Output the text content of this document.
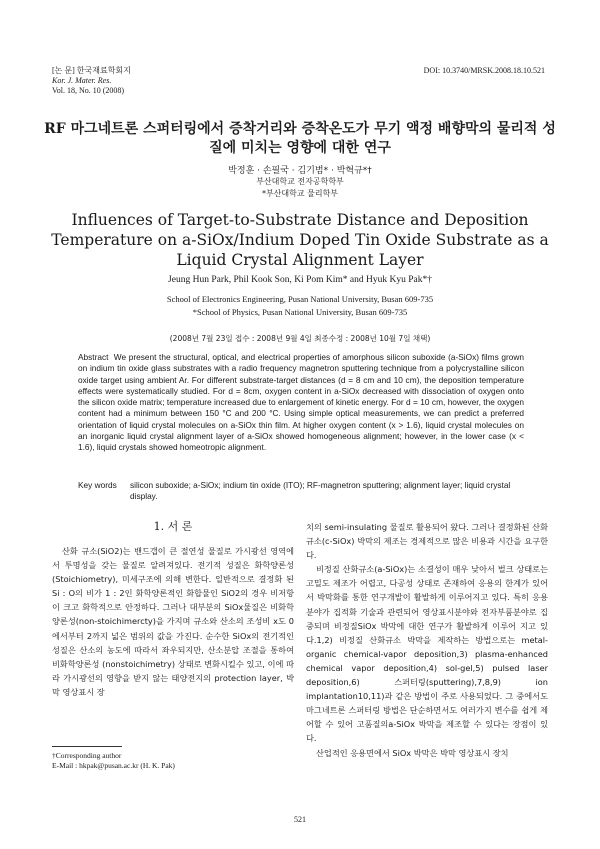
[논 문] 한국재료학회지
Kor. J. Mater. Res.
Vol. 18, No. 10 (2008)
DOI: 10.3740/MRSK.2008.18.10.521
RF 마그네트론 스퍼터링에서 증착거리와 증착온도가 무기 액정 배향막의 물리적 성질에 미치는 영향에 대한 연구
박정훈 · 손필국 · 김기범* · 박혁규*†
부산대학교 전자공학학부
*부산대학교 물리학부
Influences of Target-to-Substrate Distance and Deposition Temperature on a-SiOx/Indium Doped Tin Oxide Substrate as a Liquid Crystal Alignment Layer
Jeung Hun Park, Phil Kook Son, Ki Pom Kim* and Hyuk Kyu Pak*†
School of Electronics Engineering, Pusan National University, Busan 609-735
*School of Physics, Pusan National University, Busan 609-735
(2008년 7월 23일 접수 : 2008년 9월 4일 최종수정 : 2008년 10월 7일 채택)
Abstract We present the structural, optical, and electrical properties of amorphous silicon suboxide (a-SiOx) films grown on indium tin oxide glass substrates with a radio frequency magnetron sputtering technique from a polycrystalline silicon oxide target using ambient Ar. For different substrate-target distances (d = 8 cm and 10 cm), the deposition temperature effects were systematically studied. For d = 8cm, oxygen content in a-SiOx decreased with dissociation of oxygen onto the silicon oxide matrix; temperature increased due to enlargement of kinetic energy. For d = 10 cm, however, the oxygen content had a minimum between 150 °C and 200 °C. Using simple optical measurements, we can predict a preferred orientation of liquid crystal molecules on a-SiOx thin film. At higher oxygen content (x > 1.6), liquid crystal molecules on an inorganic liquid crystal alignment layer of a-SiOx showed homogeneous alignment; however, in the lower case (x < 1.6), liquid crystals showed homeotropic alignment.
Key words	silicon suboxide; a-SiOx; indium tin oxide (ITO); RF-magnetron sputtering; alignment layer; liquid crystal display.
1. 서 론

산화 규소(SiO2)는 밴드갭이 큰 절연성 물질로 가시광선 영역에서 투명성을 갖는 물질로 알려져있다. 전기적 성질은 화학양론성(Stoichiometry), 미세구조에 의해 변한다. 일반적으로 결정화 된 Si : O의 비가 1 : 2인 화학양론적인 화합물인 SiO2의 경우 비저항이 크고 화학적으로 안정하다. 그러나 대부분의 SiOx물질은 비화학양론성(non-stoichimercty)을 가지며 규소와 산소의 조성비 x도 0에서부터 2까지 넓은 범위의 값을 가진다. 순수한 SiOx의 전기적인 성질은 산소의 농도에 따라서 좌우되지만, 산소분압 조절을 통하여 비화학양론성 (nonstoichimetry) 상태로 변화시킬수 있고, 이에 따라 가시광선의 영향을 받지 않는 태양전지의 protection layer, 박막 영상표시 장

치의 semi-insulating 물질로 활용되어 왔다. 그러나 결정화된 산화 규소(c-SiOx) 박막의 제조는 경제적으로 많은 비용과 시간을 요구한다.

비정질 산화규소(a-SiOx)는 소결성이 매우 낮아서 벌크 상태로는 고밀도 제조가 어렵고, 다공성 상태로 존재하여 응용의 한계가 있어서 박막화를 통한 연구개발이 활발하게 이루어지고 있다. 특히 응용분야가 집적화 기술과 관련되어 영상표시분야와 전자부품분야로 집중되며 비정질SiOx 박막에 대한 연구가 활발하게 이루어 지고 있다.1,2) 비정질 산화규소 박막을 제작하는 방법으로는 metal-organic chemical-vapor deposition,3) plasma-enhanced chemical vapor deposition,4) sol-gel,5) pulsed laser deposition,6) 스퍼터링(sputtering),7,8,9) ion implantation10,11)과 같은 방법이 주로 사용되었다. 그 중에서도 마그네트론 스퍼터링 방법은 단순하면서도 여러가지 변수를 쉽게 제어할 수 있어 고품질의a-SiOx 박막을 제조할 수 있다는 장점이 있다.

산업적인 응용면에서 SiOx 박막은 박막 영상표시 장치

†Corresponding author
E-Mail : hkpak@pusan.ac.kr (H. K. Pak)
521
